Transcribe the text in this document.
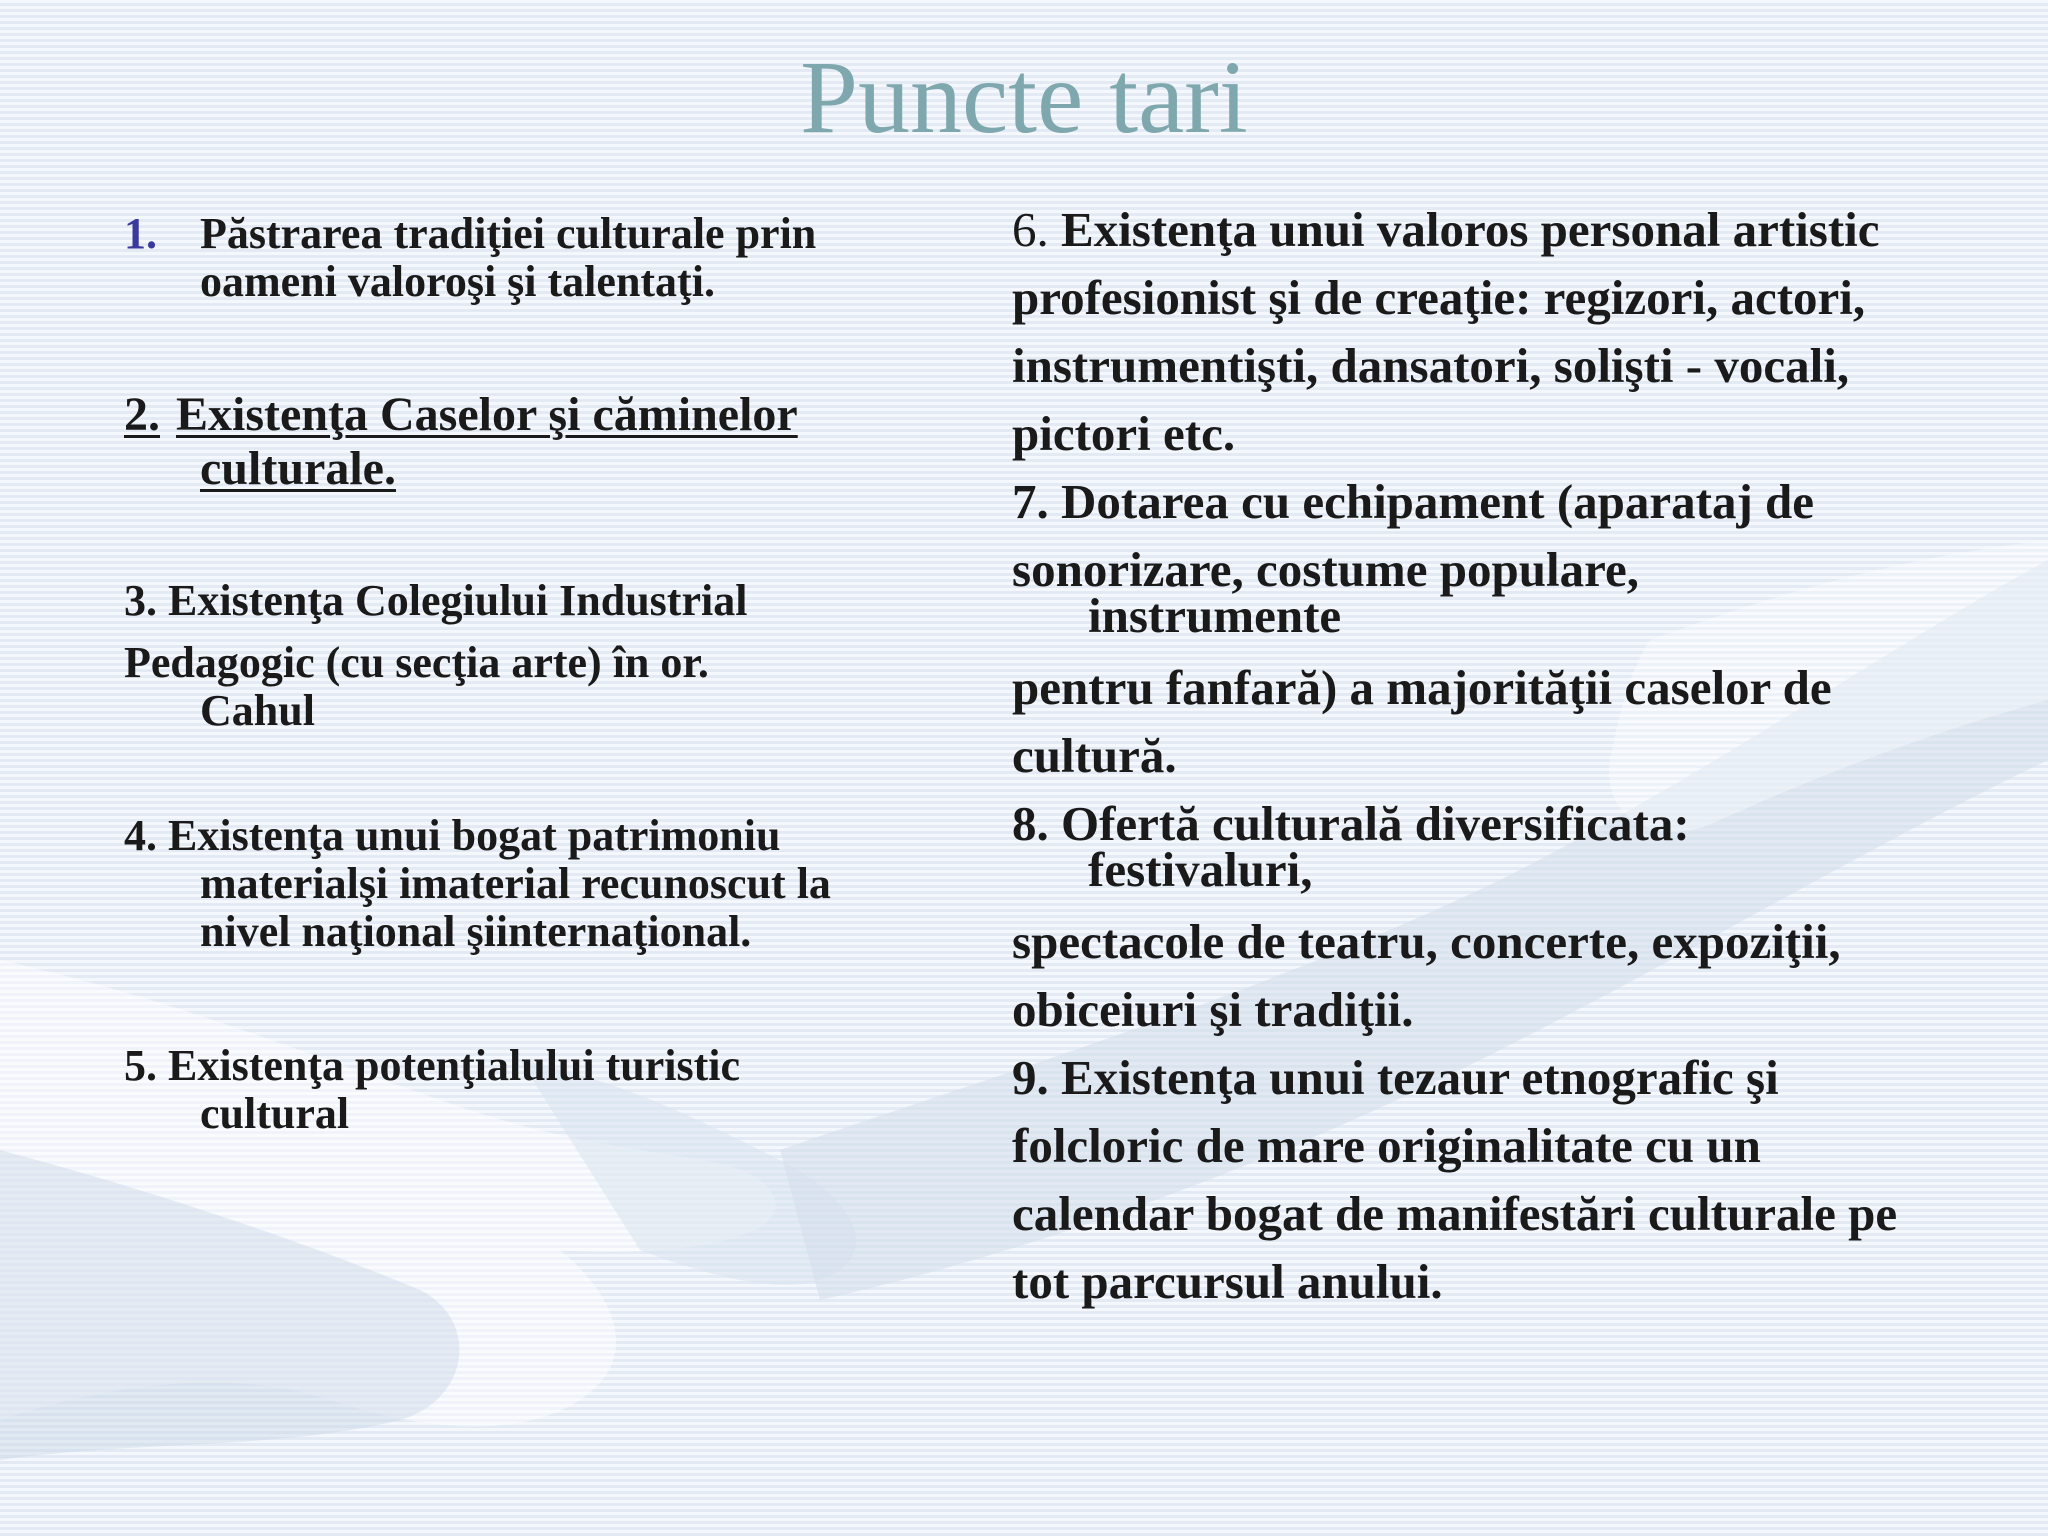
Puncte tari
1. Păstrarea tradiţiei culturale prin
oameni valoroşi şi talentaţi.
2. Existenţa Caselor şi căminelor
culturale.
3. Existenţa Colegiului Industrial
Pedagogic (cu secţia arte) în or.
Cahul
4. Existenţa unui bogat patrimoniu
materialşi imaterial recunoscut la
nivel naţional şiinternaţional.
5. Existenţa potenţialului turistic
cultural
6. Existenţa unui valoros personal artistic
profesionist şi de creaţie: regizori, actori,
instrumentişti, dansatori, solişti - vocali,
pictori etc.
7. Dotarea cu echipament (aparataj de
sonorizare, costume populare,
instrumente
pentru fanfară) a majorităţii caselor de
cultură.
8. Ofertă culturală diversificata:
festivaluri,
spectacole de teatru, concerte, expoziţii,
obiceiuri şi tradiţii.
9. Existenţa unui tezaur etnografic şi
folcloric de mare originalitate cu un
calendar bogat de manifestări culturale pe
tot parcursul anului.
